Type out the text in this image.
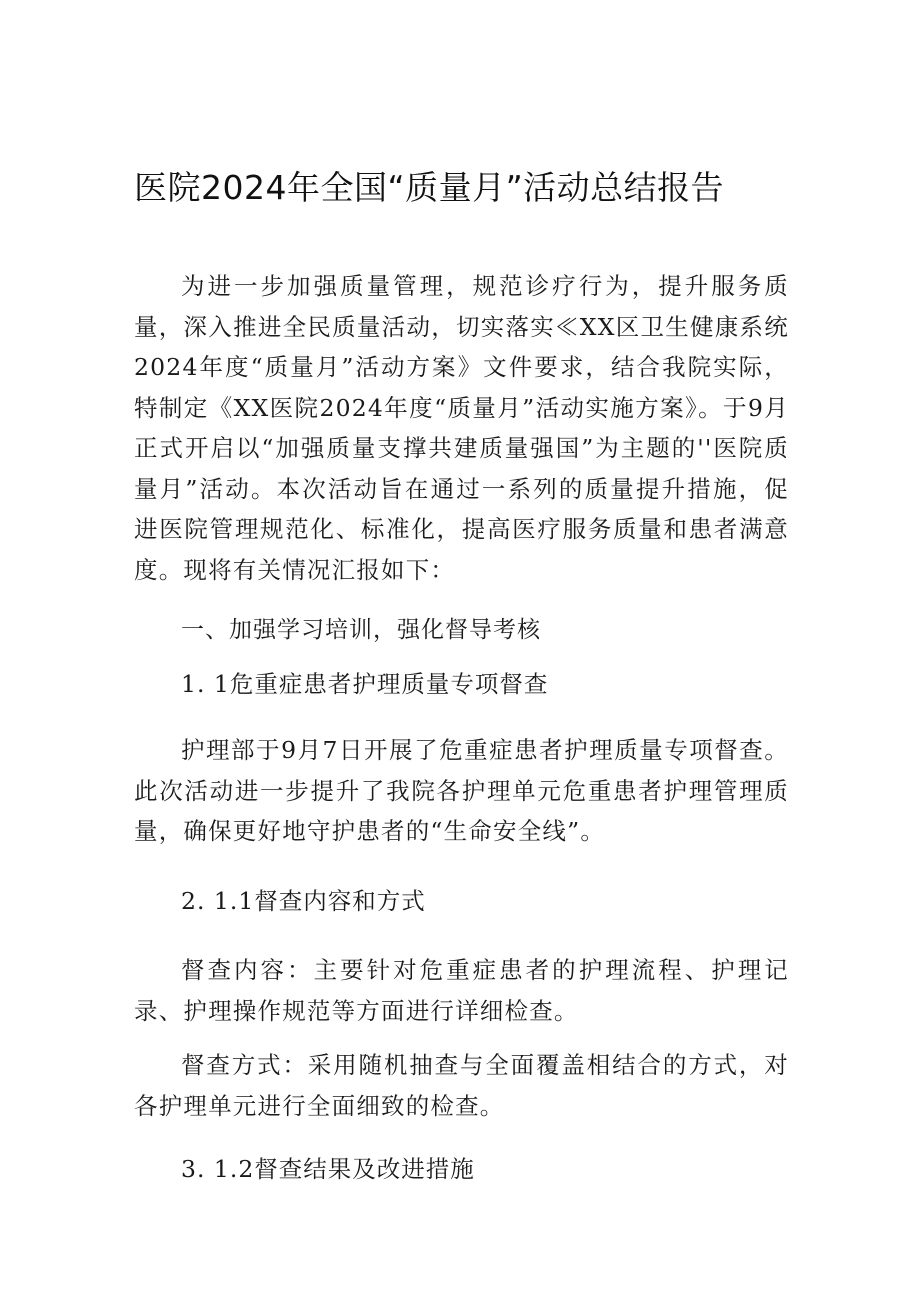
医院2024年全国“质量月”活动总结报告

为进一步加强质量管理，规范诊疗行为，提升服务质量，深入推进全民质量活动，切实落实≪XX区卫生健康系统2024年度“质量月”活动方案》文件要求，结合我院实际，特制定《XX医院2024年度“质量月”活动实施方案》。于9月正式开启以“加强质量支撑共建质量强国”为主题的''医院质量月”活动。本次活动旨在通过一系列的质量提升措施，促进医院管理规范化、标准化，提高医疗服务质量和患者满意度。现将有关情况汇报如下：

一、加强学习培训，强化督导考核

1. 1危重症患者护理质量专项督查

护理部于9月7日开展了危重症患者护理质量专项督查。此次活动进一步提升了我院各护理单元危重患者护理管理质量，确保更好地守护患者的“生命安全线”。

2. 1.1督查内容和方式

督查内容：主要针对危重症患者的护理流程、护理记录、护理操作规范等方面进行详细检查。

督查方式：采用随机抽查与全面覆盖相结合的方式，对各护理单元进行全面细致的检查。

3. 1.2督查结果及改进措施
